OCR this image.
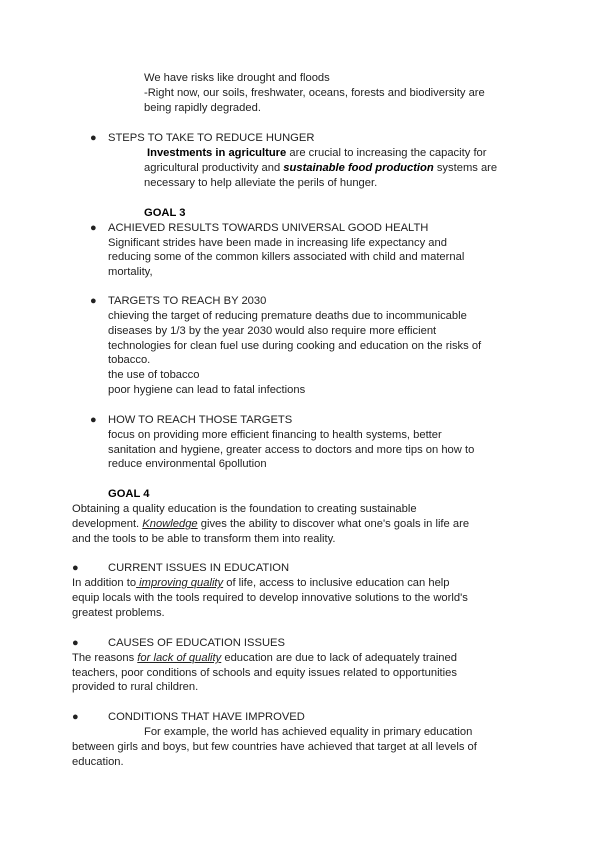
We have risks like drought and floods
-Right now, our soils, freshwater, oceans, forests and biodiversity are
being rapidly degraded.
● STEPS TO TAKE TO REDUCE HUNGER
Investments in agriculture are crucial to increasing the capacity for
agricultural productivity and sustainable food production systems are
necessary to help alleviate the perils of hunger.
GOAL 3
● ACHIEVED RESULTS TOWARDS UNIVERSAL GOOD HEALTH
Significant strides have been made in increasing life expectancy and
reducing some of the common killers associated with child and maternal
mortality,
● TARGETS TO REACH BY 2030
chieving the target of reducing premature deaths due to incommunicable
diseases by 1/3 by the year 2030 would also require more efficient
technologies for clean fuel use during cooking and education on the risks of
tobacco.
the use of tobacco
poor hygiene can lead to fatal infections
● HOW TO REACH THOSE TARGETS
focus on providing more efficient financing to health systems, better
sanitation and hygiene, greater access to doctors and more tips on how to
reduce environmental 6pollution
GOAL 4
Obtaining a quality education is the foundation to creating sustainable
development. Knowledge gives the ability to discover what one's goals in life are
and the tools to be able to transform them into reality.
●	CURRENT ISSUES IN EDUCATION
In addition to improving quality of life, access to inclusive education can help
equip locals with the tools required to develop innovative solutions to the world's
greatest problems.
●	CAUSES OF EDUCATION ISSUES
The reasons for lack of quality education are due to lack of adequately trained
teachers, poor conditions of schools and equity issues related to opportunities
provided to rural children.
●	CONDITIONS THAT HAVE IMPROVED
For example, the world has achieved equality in primary education
between girls and boys, but few countries have achieved that target at all levels of
education.
